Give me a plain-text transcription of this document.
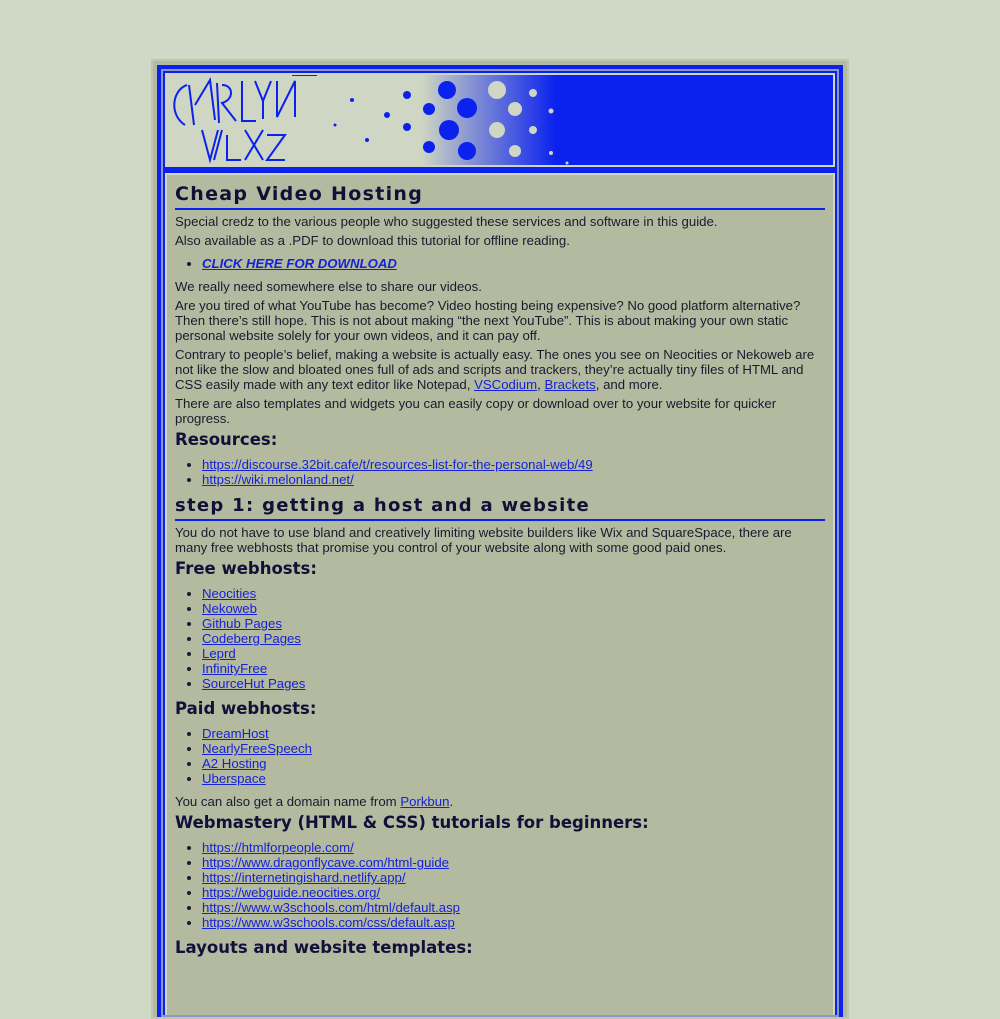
Cheap Video Hosting

Special credz to the various people who suggested these services and software in this guide.

Also available as a .PDF to download this tutorial for offline reading.

• CLICK HERE FOR DOWNLOAD

We really need somewhere else to share our videos.

Are you tired of what YouTube has become? Video hosting being expensive? No good platform alternative? Then there’s still hope. This is not about making “the next YouTube”. This is about making your own static personal website solely for your own videos, and it can pay off.

Contrary to people’s belief, making a website is actually easy. The ones you see on Neocities or Nekoweb are not like the slow and bloated ones full of ads and scripts and trackers, they’re actually tiny files of HTML and CSS easily made with any text editor like Notepad, VSCodium, Brackets, and more.

There are also templates and widgets you can easily copy or download over to your website for quicker progress.

Resources:
• https://discourse.32bit.cafe/t/resources-list-for-the-personal-web/49
• https://wiki.melonland.net/
step 1: getting a host and a website

You do not have to use bland and creatively limiting website builders like Wix and SquareSpace, there are many free webhosts that promise you control of your website along with some good paid ones.

Free webhosts:
• Neocities
• Nekoweb
• Github Pages
• Codeberg Pages
• Leprd
• InfinityFree
• SourceHut Pages
Paid webhosts:
• DreamHost
• NearlyFreeSpeech
• A2 Hosting
• Uberspace

You can also get a domain name from Porkbun.

Webmastery (HTML & CSS) tutorials for beginners:
• https://htmlforpeople.com/
• https://www.dragonflycave.com/html-guide
• https://internetingishard.netlify.app/
• https://webguide.neocities.org/
• https://www.w3schools.com/html/default.asp
• https://www.w3schools.com/css/default.asp
Layouts and website templates:
